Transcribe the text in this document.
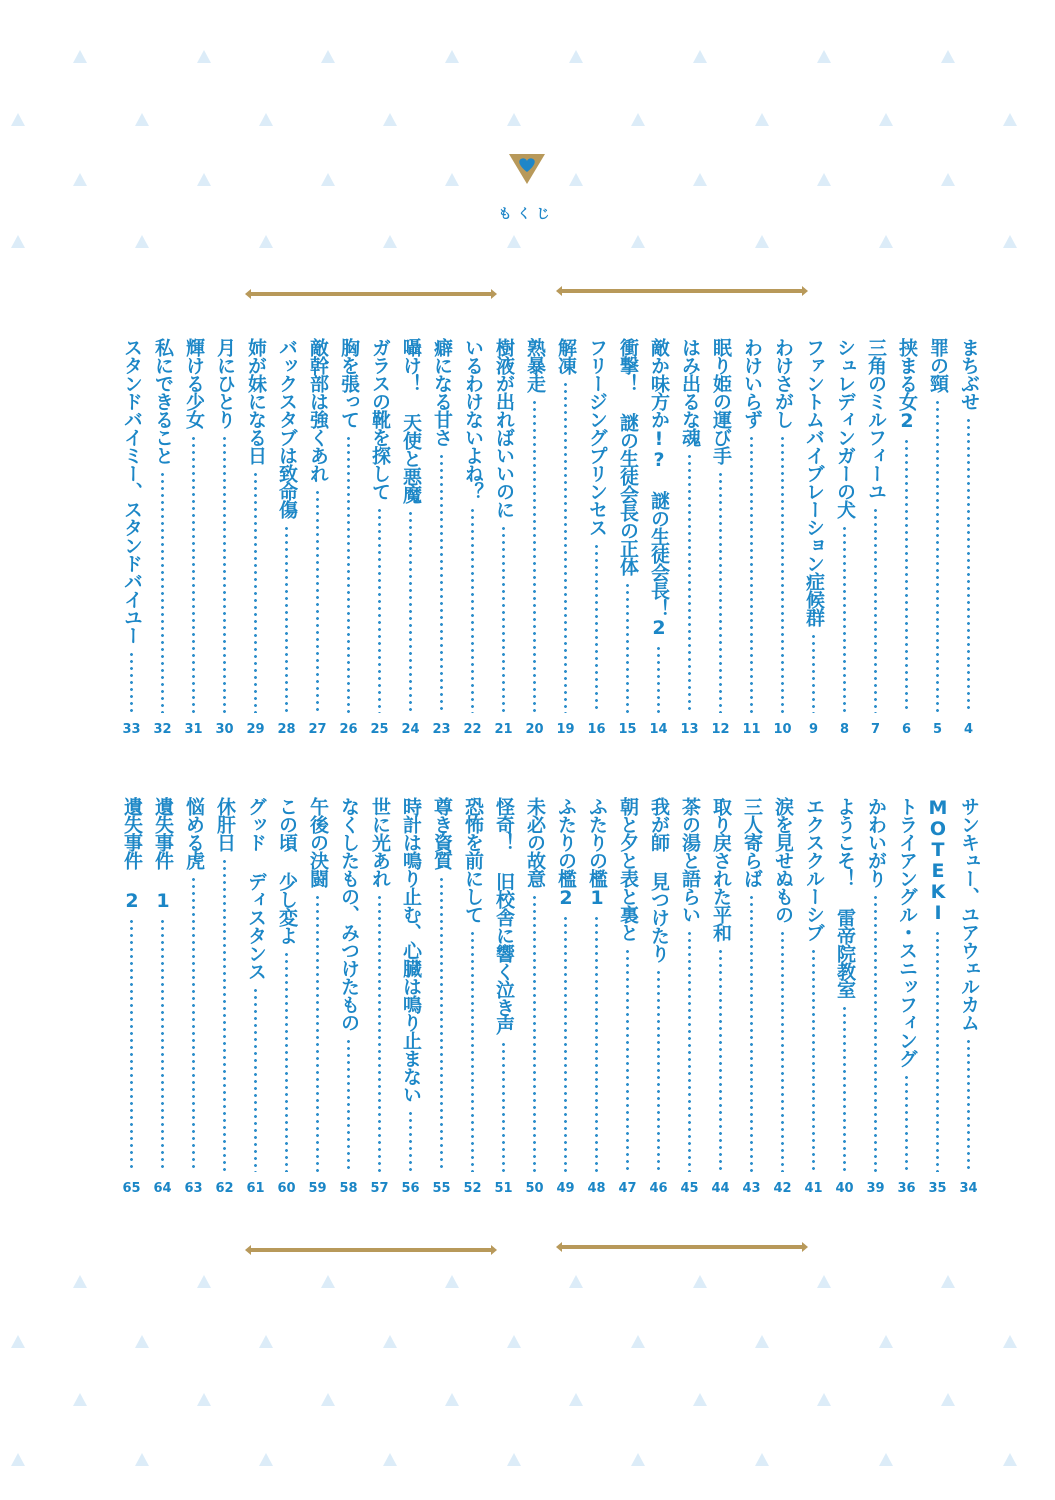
もくじ
まちぶせ
4
罪の頸
5
挟まる女2
6
三角のミルフィーユ
7
シュレディンガーの犬
8
ファントムバイブレーション症候群
9
わけさがし
10
わけいらず
11
眠り姫の運び手
12
はみ出るな魂
13
敵か味方か!? 謎の生徒会長！2
14
衝撃！ 謎の生徒会長の正体
15
フリージングプリンセス
16
解凍
19
熟暴走
20
樹液が出ればいいのに
21
いるわけないよね？
22
癖になる甘さ
23
囁け！ 天使と悪魔
24
ガラスの靴を探して
25
胸を張って
26
敵幹部は強くあれ
27
バックスタブは致命傷
28
姉が妹になる日
29
月にひとり
30
輝ける少女
31
私にできること
32
スタンドバイミー、スタンドバイユー
33
サンキュー、ユアウェルカム
34
MOTEKI
35
トライアングル・スニッフィング
36
かわいがり
39
ようこそ！ 雷帝院教室
40
エクスクルーシブ
41
涙を見せぬもの
42
三人寄らば
43
取り戻された平和
44
茶の湯と語らい
45
我が師 見つけたり
46
朝と夕と表と裏と
47
ふたりの檻1
48
ふたりの檻2
49
未必の故意
50
怪奇！ 旧校舎に響く泣き声
51
恐怖を前にして
52
尊き資質
55
時計は鳴り止む、心臓は鳴り止まない
56
世に光あれ
57
なくしたもの、みつけたもの
58
午後の決闘
59
この頃 少し変よ
60
グッド ディスタンス
61
休肝日
62
悩める虎
63
遺失事件 1
64
遺失事件 2
65
